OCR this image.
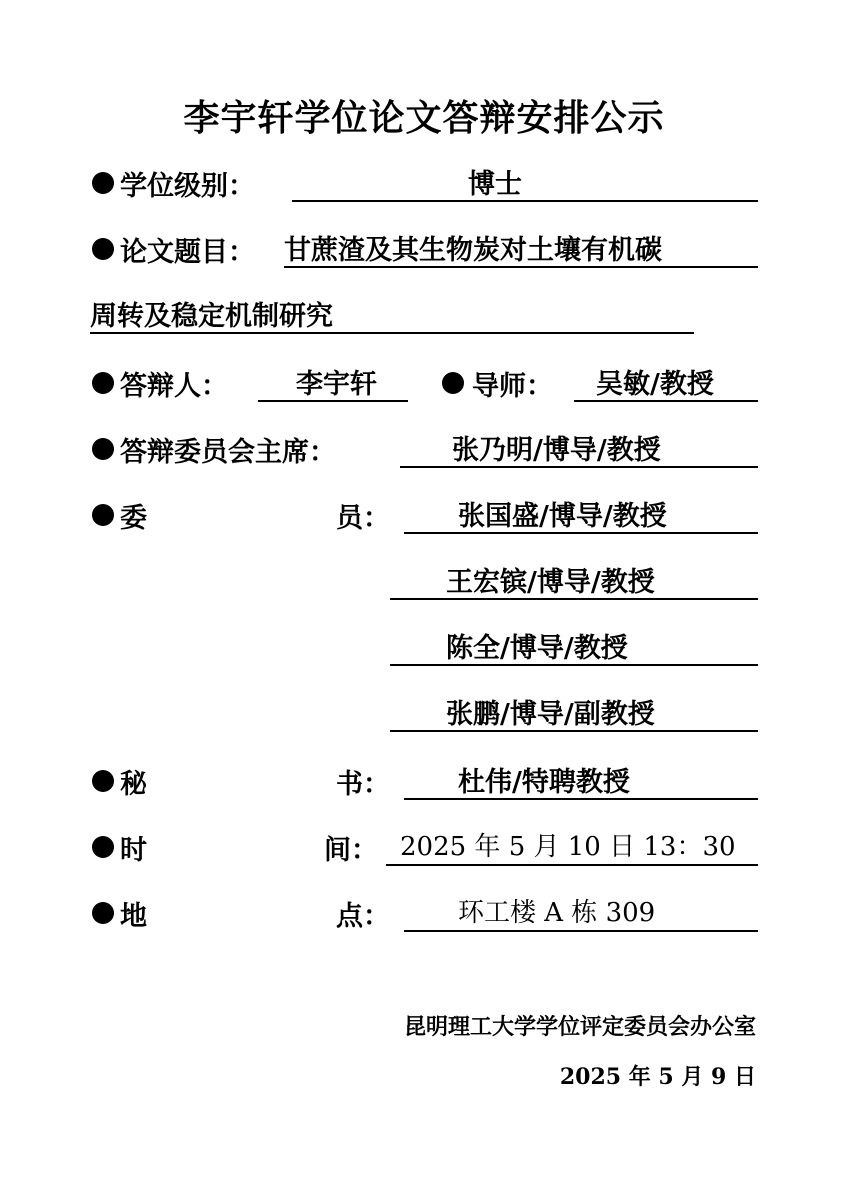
李宇轩学位论文答辩安排公示
学位级别：	博士
论文题目： 甘蔗渣及其生物炭对土壤有机碳
周转及稳定机制研究
答辩人：	李宇轩	导师： 吴敏/教授
答辩委员会主席：	张乃明/博导/教授
委	员：	张国盛/博导/教授
王宏镔/博导/教授
陈全/博导/教授
张鹏/博导/副教授
秘	书：	杜伟/特聘教授
时	间： 2025 年 5 月 10 日 13：30
地	点：	环工楼 A 栋 309
昆明理工大学学位评定委员会办公室
2025 年 5 月 9 日
